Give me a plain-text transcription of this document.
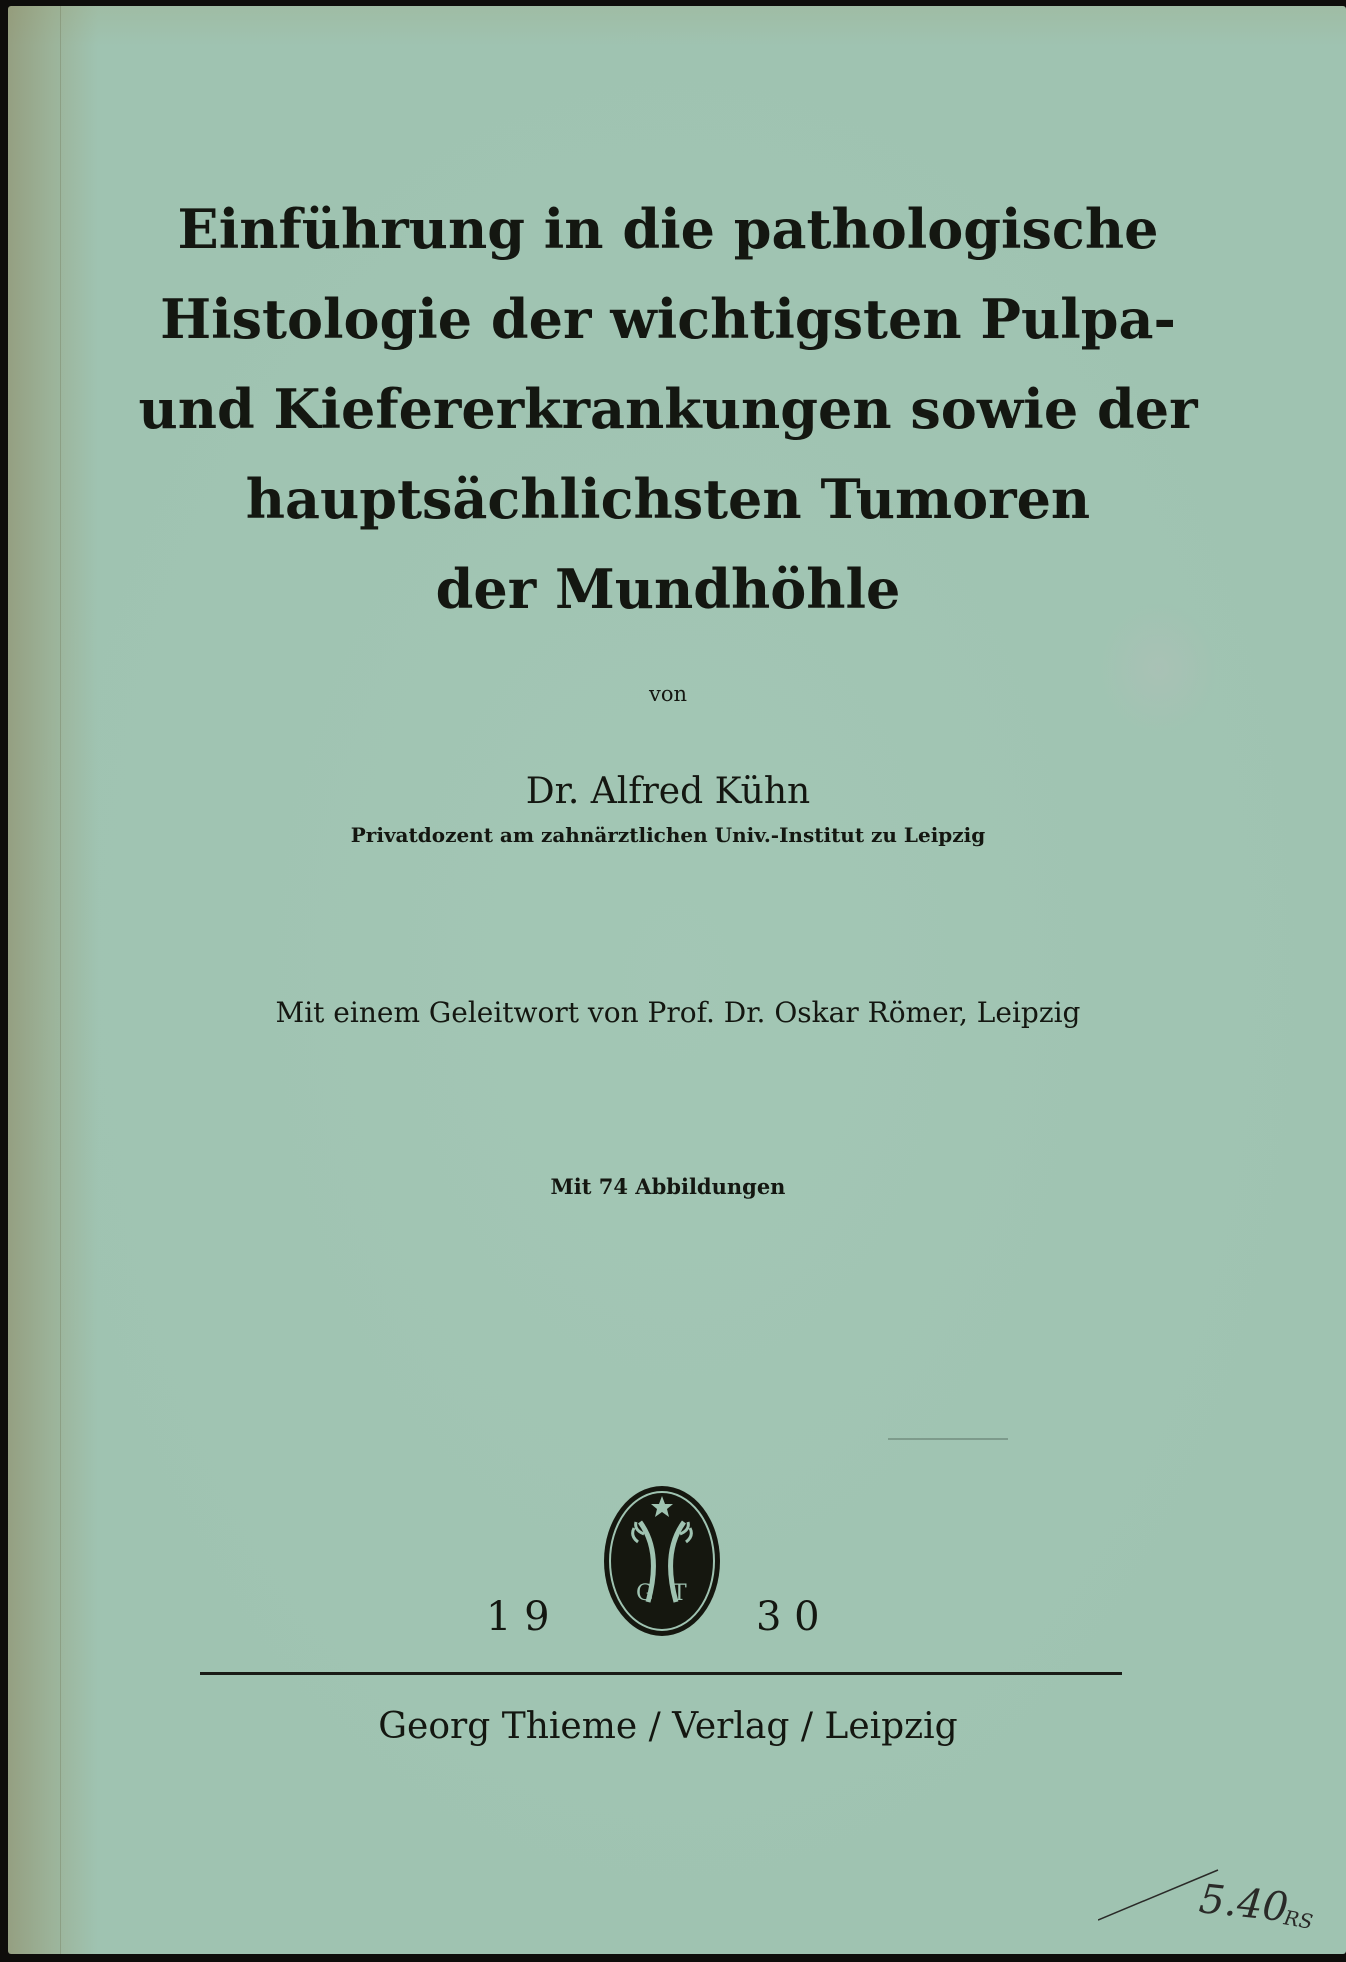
Einführung in die pathologische
Histologie der wichtigsten Pulpa-
und Kiefererkrankungen sowie der
hauptsächlichsten Tumoren
der Mundhöhle

von

Dr. Alfred Kühn

Privatdozent am zahnärztlichen Univ.-Institut zu Leipzig

Mit einem Geleitwort von Prof. Dr. Oskar Römer, Leipzig

Mit 74 Abbildungen

G T
1 9	3 0

Georg Thieme / Verlag / Leipzig

5.40
RS
